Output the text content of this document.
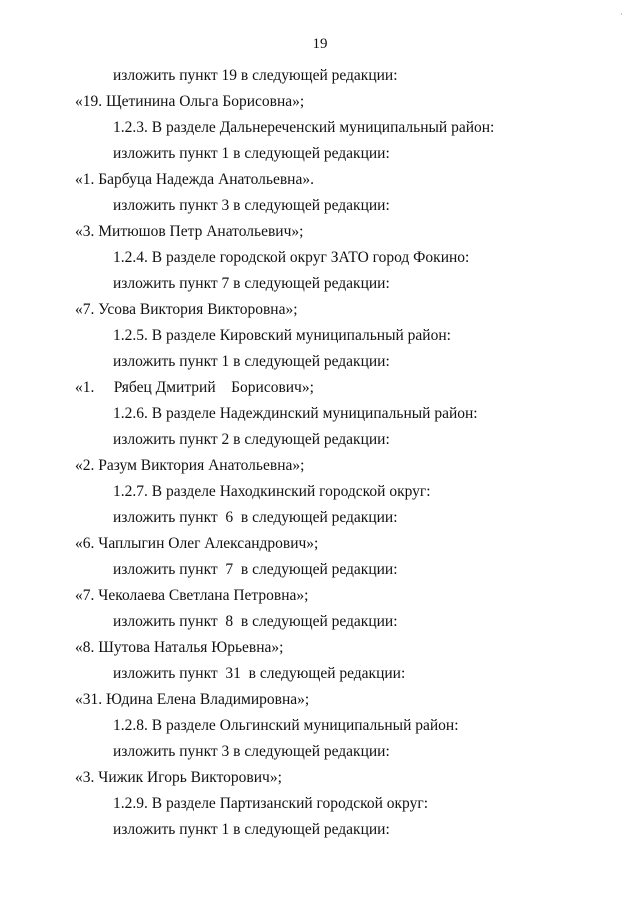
·
19
изложить пункт 19 в следующей редакции:
«19. Щетинина Ольга Борисовна»;
1.2.3. В разделе Дальнереченский муниципальный район:
изложить пункт 1 в следующей редакции:
«1. Барбуца Надежда Анатольевна».
изложить пункт 3 в следующей редакции:
«3. Митюшов Петр Анатольевич»;
1.2.4. В разделе городской округ ЗАТО город Фокино:
изложить пункт 7 в следующей редакции:
«7. Усова Виктория Викторовна»;
1.2.5. В разделе Кировский муниципальный район:
изложить пункт 1 в следующей редакции:
«1.     Рябец Дмитрий    Борисович»;
1.2.6. В разделе Надеждинский муниципальный район:
изложить пункт 2 в следующей редакции:
«2. Разум Виктория Анатольевна»;
1.2.7. В разделе Находкинский городской округ:
изложить пункт  6  в следующей редакции:
«6. Чаплыгин Олег Александрович»;
изложить пункт  7  в следующей редакции:
«7. Чеколаева Светлана Петровна»;
изложить пункт  8  в следующей редакции:
«8. Шутова Наталья Юрьевна»;
изложить пункт  31  в следующей редакции:
«31. Юдина Елена Владимировна»;
1.2.8. В разделе Ольгинский муниципальный район:
изложить пункт 3 в следующей редакции:
«3. Чижик Игорь Викторович»;
1.2.9. В разделе Партизанский городской округ:
изложить пункт 1 в следующей редакции:
